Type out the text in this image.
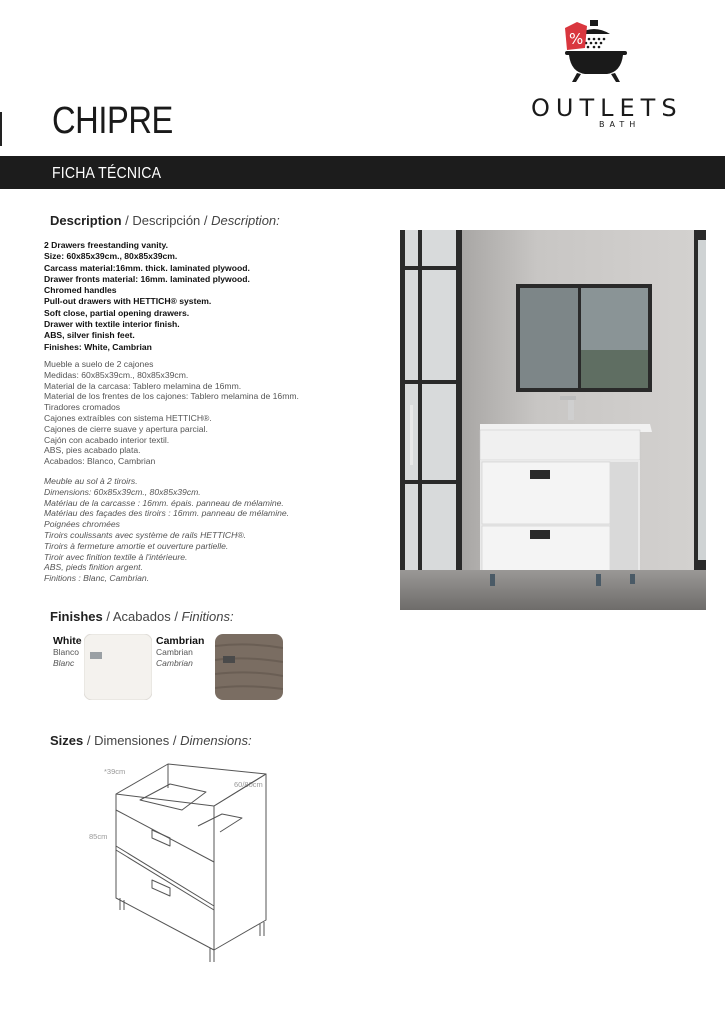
CHIPRE
%
OUTLETS
BATH
FICHA TÉCNICA
Description / Descripción / Description:
2 Drawers freestanding vanity.
Size: 60x85x39cm., 80x85x39cm.
Carcass material:16mm. thick. laminated plywood.
Drawer fronts material: 16mm. laminated plywood.
Chromed handles
Pull-out drawers with HETTICH® system.
Soft close, partial opening drawers.
Drawer with textile interior finish.
ABS, silver finish feet.
Finishes: White, Cambrian
Mueble a suelo de 2 cajones
Medidas: 60x85x39cm., 80x85x39cm.
Material de la carcasa: Tablero melamina de 16mm.
Material de los frentes de los cajones: Tablero melamina de 16mm.
Tiradores cromados
Cajones extraíbles con sistema HETTICH®.
Cajones de cierre suave y apertura parcial.
Cajón con acabado interior textil.
ABS, pies acabado plata.
Acabados: Blanco, Cambrian
Meuble au sol à 2 tiroirs.
Dimensions: 60x85x39cm., 80x85x39cm.
Matériau de la carcasse : 16mm. épais. panneau de mélamine.
Matériau des façades des tiroirs : 16mm. panneau de mélamine.
Poignées chromées
Tiroirs coulissants avec système de rails HETTICH®.
Tiroirs à fermeture amortie et ouverture partielle.
Tiroir avec finition textile à l'intérieure.
ABS, pieds finition argent.
Finitions : Blanc, Cambrian.
Finishes / Acabados / Finitions:
White
Blanco
Blanc
Cambrian
Cambrian
Cambrian
Sizes / Dimensiones / Dimensions:
*39cm
60/80cm
85cm
